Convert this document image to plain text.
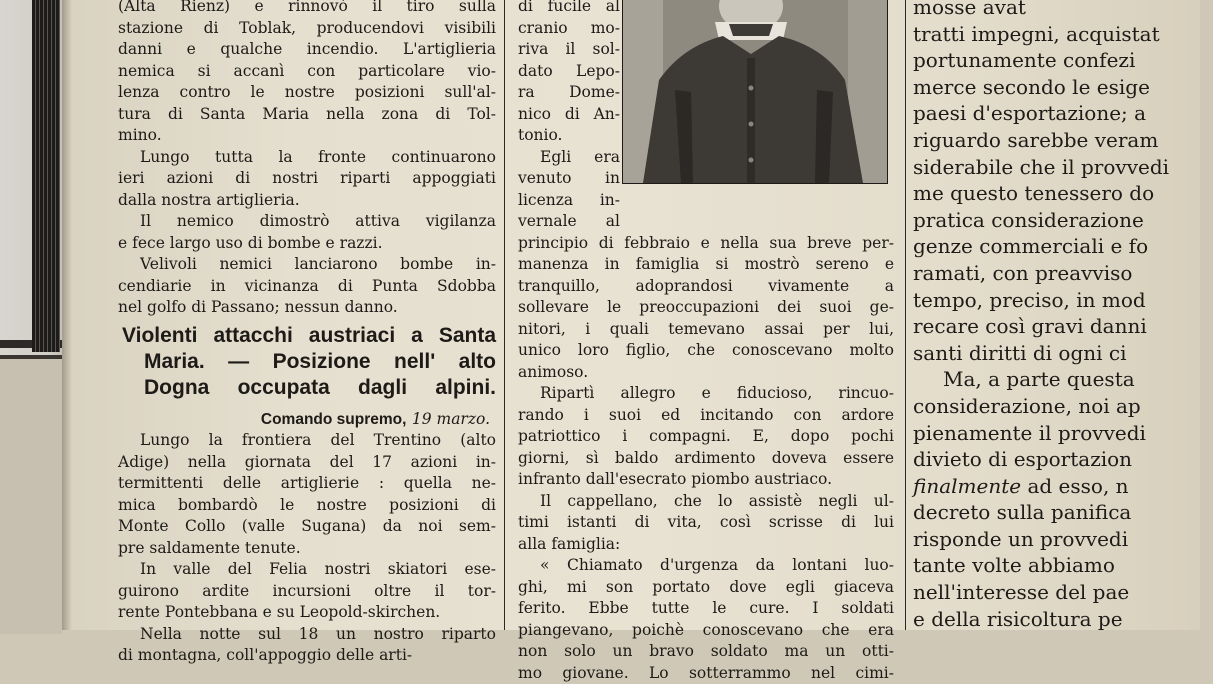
(Alta Rienz) e rinnovò il tiro sulla

stazione di Toblak, producendovi visibili

danni e qualche incendio. L'artiglieria

nemica si accanì con particolare vio-

lenza contro le nostre posizioni sull'al-

tura di Santa Maria nella zona di Tol-

mino.

Lungo tutta la fronte continuarono

ieri azioni di nostri riparti appoggiati

dalla nostra artiglieria.

Il nemico dimostrò attiva vigilanza

e fece largo uso di bombe e razzi.

Velivoli nemici lanciarono bombe in-

cendiarie in vicinanza di Punta Sdobba

nel golfo di Passano; nessun danno.

Violenti attacchi austriaci a Santa
Maria. — Posizione nell' alto
Dogna occupata dagli alpini.
Comando supremo, 19 marzo.

Lungo la frontiera del Trentino (alto

Adige) nella giornata del 17 azioni in-

termittenti delle artiglierie : quella ne-

mica bombardò le nostre posizioni di

Monte Collo (valle Sugana) da noi sem-

pre saldamente tenute.

In valle del Felia nostri skiatori ese-

guirono ardite incursioni oltre il tor-

rente Pontebbana e su Leopold-skirchen.

Nella notte sul 18 un nostro riparto

di montagna, coll'appoggio delle arti-

di fucile al

cranio mo-

riva il sol-

dato Lepo-

ra Dome-

nico di An-

tonio.

Egli era

venuto in

licenza in-

vernale al

principio di febbraio e nella sua breve per-

manenza in famiglia si mostrò sereno e

tranquillo, adoprandosi vivamente a

sollevare le preoccupazioni dei suoi ge-

nitori, i quali temevano assai per lui,

unico loro figlio, che conoscevano molto

animoso.

Ripartì allegro e fiducioso, rincuo-

rando i suoi ed incitando con ardore

patriottico i compagni. E, dopo pochi

giorni, sì baldo ardimento doveva essere

infranto dall'esecrato piombo austriaco.

Il cappellano, che lo assistè negli ul-

timi istanti di vita, così scrisse di lui

alla famiglia:

« Chiamato d'urgenza da lontani luo-

ghi, mi son portato dove egli giaceva

ferito. Ebbe tutte le cure. I soldati

piangevano, poichè conoscevano che era

non solo un bravo soldato ma un otti-

mo giovane. Lo sotterrammo nel cimi-

mosse avat

tratti impegni, acquistat

portunamente confezi

merce secondo le esige

paesi d'esportazione; a

riguardo sarebbe veram

siderabile che il provvedi

me questo tenessero do

pratica considerazione

genze commerciali e fo

ramati, con preavviso

tempo, preciso, in mod

recare così gravi danni

santi diritti di ogni ci

Ma, a parte questa

considerazione, noi ap

pienamente il provvedi

divieto di esportazion

finalmente ad esso, n

decreto sulla panifica

risponde un provvedi

tante volte abbiamo

nell'interesse del pae

e della risicoltura pe
